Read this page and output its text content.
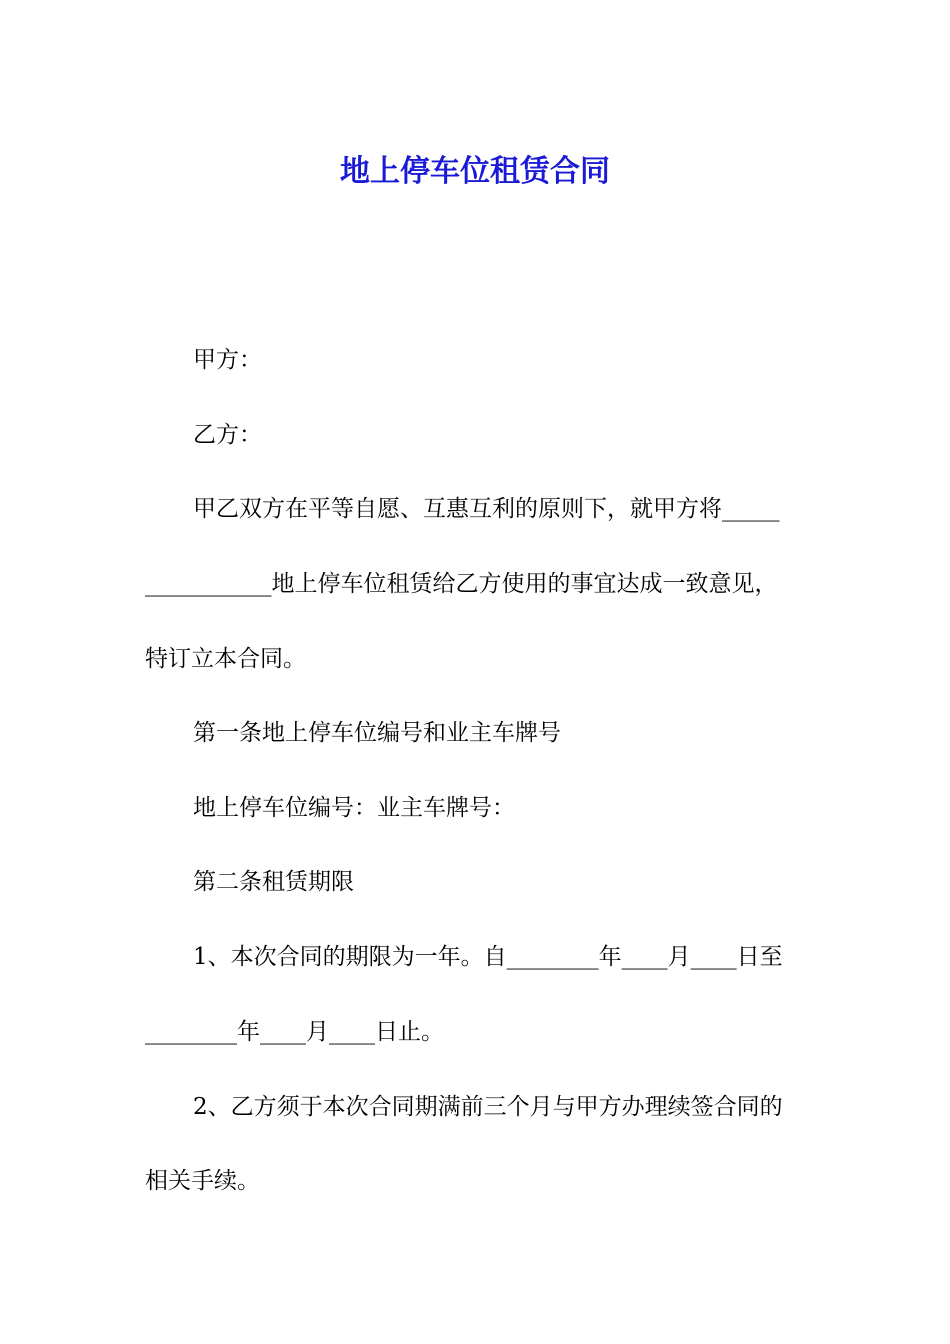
地上停车位租赁合同
甲方：
乙方：
甲乙双方在平等自愿、互惠互利的原则下，就甲方将_____
___________地上停车位租赁给乙方使用的事宜达成一致意见，
特订立本合同。
第一条地上停车位编号和业主车牌号
地上停车位编号：业主车牌号：
第二条租赁期限
1、本次合同的期限为一年。自________年____月____日至
________年____月____日止。
2、乙方须于本次合同期满前三个月与甲方办理续签合同的
相关手续。
